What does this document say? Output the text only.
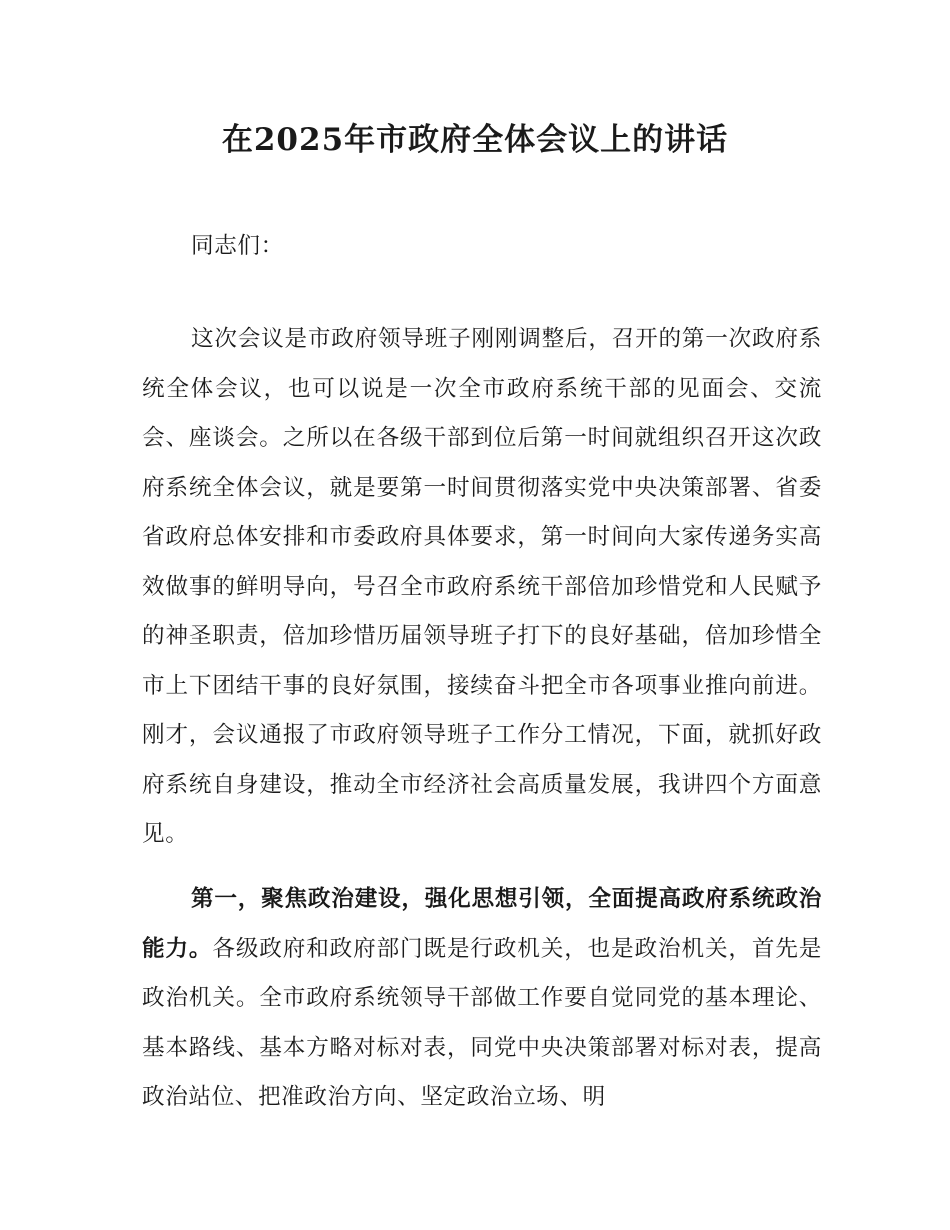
在2025年市政府全体会议上的讲话

同志们：

这次会议是市政府领导班子刚刚调整后，召开的第一次政府系统全体会议，也可以说是一次全市政府系统干部的见面会、交流会、座谈会。之所以在各级干部到位后第一时间就组织召开这次政府系统全体会议，就是要第一时间贯彻落实党中央决策部署、省委省政府总体安排和市委政府具体要求，第一时间向大家传递务实高效做事的鲜明导向，号召全市政府系统干部倍加珍惜党和人民赋予的神圣职责，倍加珍惜历届领导班子打下的良好基础，倍加珍惜全市上下团结干事的良好氛围，接续奋斗把全市各项事业推向前进。刚才，会议通报了市政府领导班子工作分工情况，下面，就抓好政府系统自身建设，推动全市经济社会高质量发展，我讲四个方面意见。

第一，聚焦政治建设，强化思想引领，全面提高政府系统政治能力。各级政府和政府部门既是行政机关，也是政治机关，首先是政治机关。全市政府系统领导干部做工作要自觉同党的基本理论、基本路线、基本方略对标对表，同党中央决策部署对标对表，提高政治站位、把准政治方向、坚定政治立场、明
